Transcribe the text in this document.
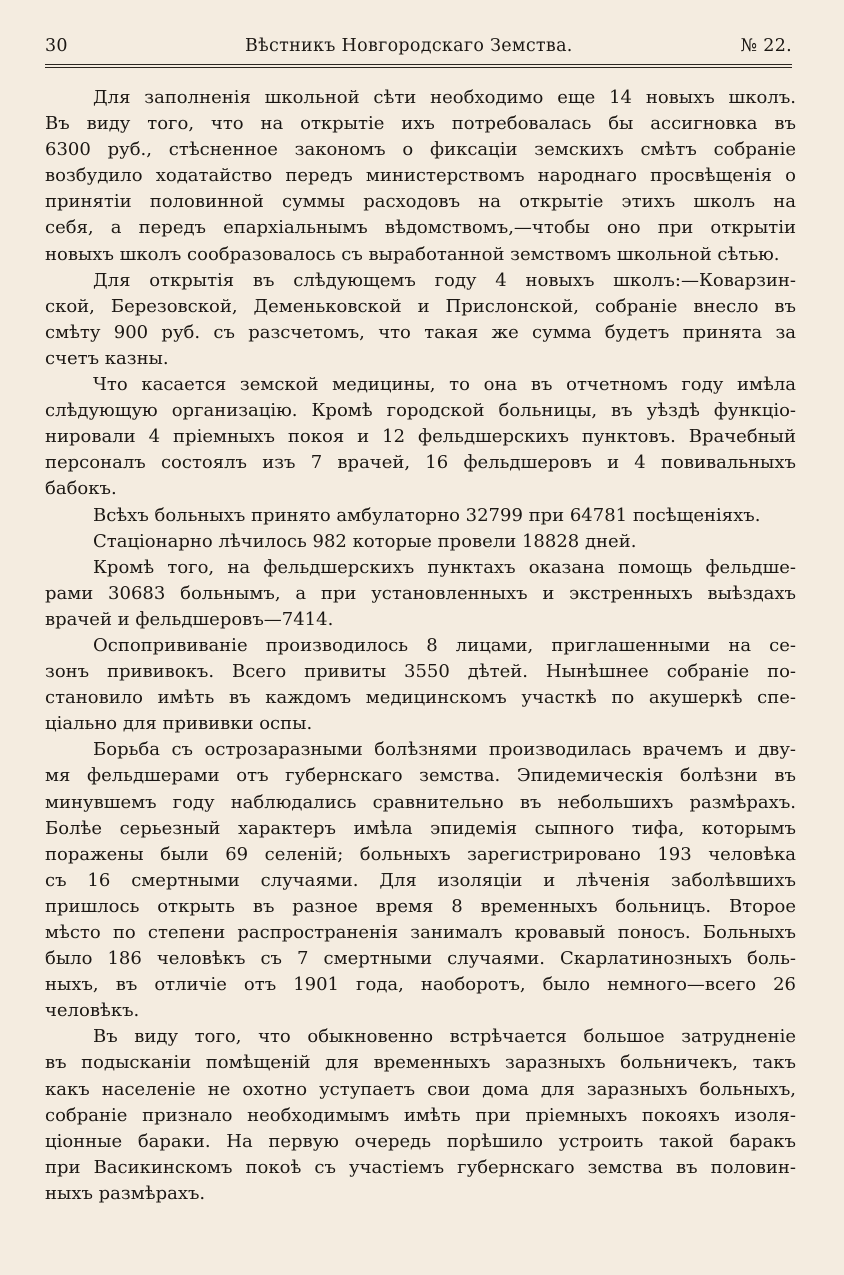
30	Вѣстникъ Новгородскаго Земства.	№ 22.
Для заполненія школьной сѣти необходимо еще 14 новыхъ школъ.
Въ виду того, что на открытіе ихъ потребовалась бы ассигновка въ
6300 руб., стѣсненное закономъ о фиксаціи земскихъ смѣтъ собраніе
возбудило ходатайство передъ министерствомъ народнаго просвѣщенія о
принятіи половинной суммы расходовъ на открытіе этихъ школъ на
себя, а передъ епархіальнымъ вѣдомствомъ,—чтобы оно при открытіи
новыхъ школъ сообразовалось съ выработанной земствомъ школьной сѣтью.
Для открытія въ слѣдующемъ году 4 новыхъ школъ:—Коварзин-
ской, Березовской, Деменьковской и Прислонской, собраніе внесло въ
смѣту 900 руб. съ разсчетомъ, что такая же сумма будетъ принята за
счетъ казны.
Что касается земской медицины, то она въ отчетномъ году имѣла
слѣдующую организацію. Кромѣ городской больницы, въ уѣздѣ функціо-
нировали 4 пріемныхъ покоя и 12 фельдшерскихъ пунктовъ. Врачебный
персоналъ состоялъ изъ 7 врачей, 16 фельдшеровъ и 4 повивальныхъ
бабокъ.
Всѣхъ больныхъ принято амбулаторно 32799 при 64781 посѣщеніяхъ.
Стаціонарно лѣчилось 982 которые провели 18828 дней.
Кромѣ того, на фельдшерскихъ пунктахъ оказана помощь фельдше-
рами 30683 больнымъ, а при установленныхъ и экстренныхъ выѣздахъ
врачей и фельдшеровъ—7414.
Оспопрививаніе производилось 8 лицами, приглашенными на се-
зонъ прививокъ. Всего привиты 3550 дѣтей. Нынѣшнее собраніе по-
становило имѣть въ каждомъ медицинскомъ участкѣ по акушеркѣ спе-
ціально для прививки оспы.
Борьба съ острозаразными болѣзнями производилась врачемъ и дву-
мя фельдшерами отъ губернскаго земства. Эпидемическія болѣзни въ
минувшемъ году наблюдались сравнительно въ небольшихъ размѣрахъ.
Болѣе серьезный характеръ имѣла эпидемія сыпного тифа, которымъ
поражены были 69 селеній; больныхъ зарегистрировано 193 человѣка
съ 16 смертными случаями. Для изоляціи и лѣченія заболѣвшихъ
пришлось открыть въ разное время 8 временныхъ больницъ. Второе
мѣсто по степени распространенія занималъ кровавый поносъ. Больныхъ
было 186 человѣкъ съ 7 смертными случаями. Скарлатинозныхъ боль-
ныхъ, въ отличіе отъ 1901 года, наоборотъ, было немного—всего 26
человѣкъ.
Въ виду того, что обыкновенно встрѣчается большое затрудненіе
въ подысканіи помѣщеній для временныхъ заразныхъ больничекъ, такъ
какъ населеніе не охотно уступаетъ свои дома для заразныхъ больныхъ,
собраніе признало необходимымъ имѣть при пріемныхъ покояхъ изоля-
ціонные бараки. На первую очередь порѣшило устроить такой баракъ
при Васикинскомъ покоѣ съ участіемъ губернскаго земства въ половин-
ныхъ размѣрахъ.
